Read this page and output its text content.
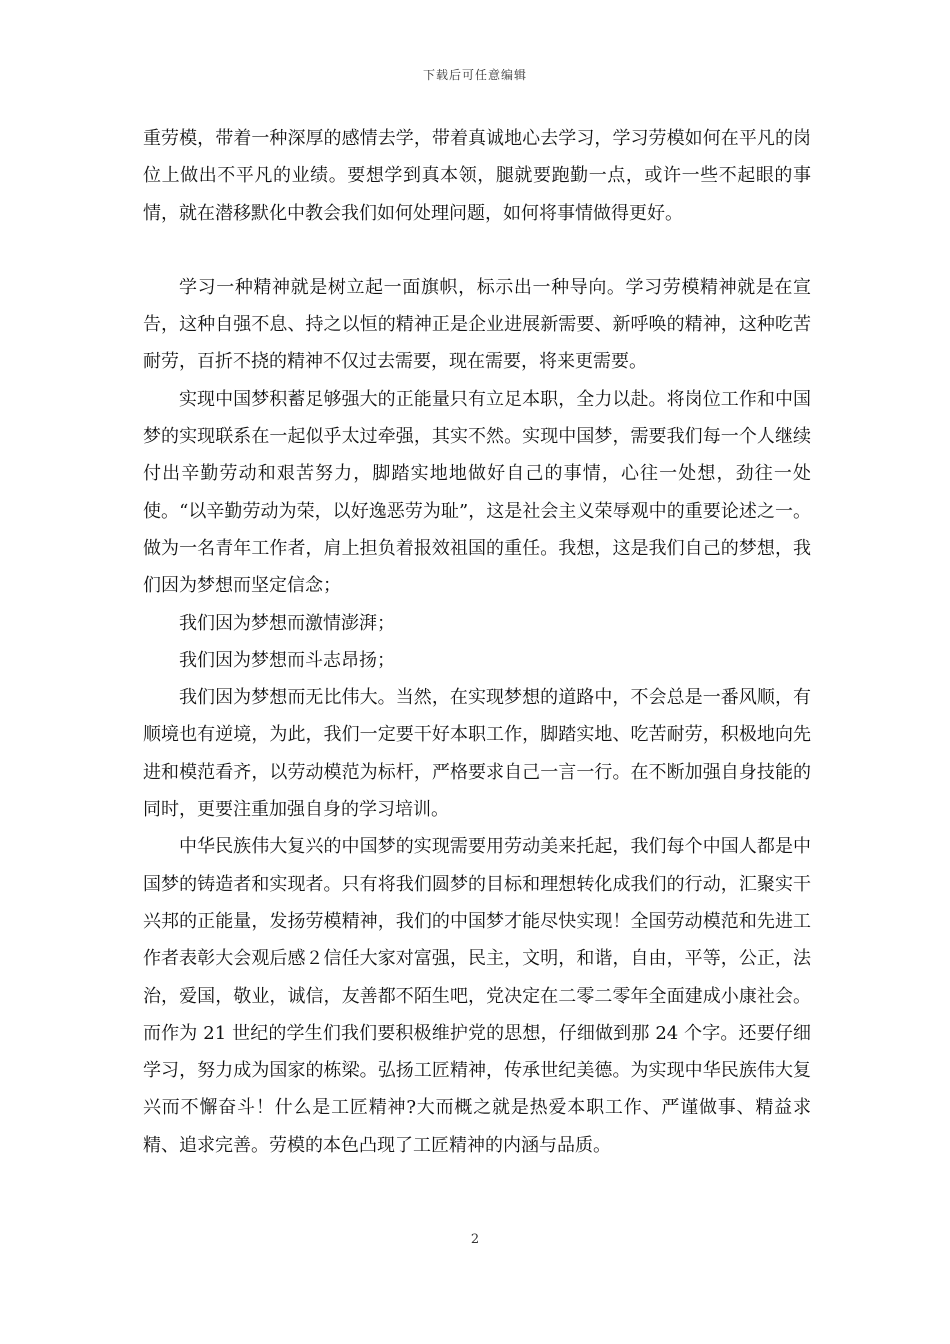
下载后可任意编辑

重劳模，带着一种深厚的感情去学，带着真诚地心去学习，学习劳模如何在平凡的岗位上做出不平凡的业绩。要想学到真本领，腿就要跑勤一点，或许一些不起眼的事情，就在潜移默化中教会我们如何处理问题，如何将事情做得更好。

学习一种精神就是树立起一面旗帜，标示出一种导向。学习劳模精神就是在宣告，这种自强不息、持之以恒的精神正是企业进展新需要、新呼唤的精神，这种吃苦耐劳，百折不挠的精神不仅过去需要，现在需要，将来更需要。

实现中国梦积蓄足够强大的正能量只有立足本职，全力以赴。将岗位工作和中国梦的实现联系在一起似乎太过牵强，其实不然。实现中国梦，需要我们每一个人继续付出辛勤劳动和艰苦努力，脚踏实地地做好自己的事情，心往一处想，劲往一处使。“以辛勤劳动为荣，以好逸恶劳为耻”，这是社会主义荣辱观中的重要论述之一。做为一名青年工作者，肩上担负着报效祖国的重任。我想，这是我们自己的梦想，我们因为梦想而坚定信念；

我们因为梦想而激情澎湃；

我们因为梦想而斗志昂扬；

我们因为梦想而无比伟大。当然，在实现梦想的道路中，不会总是一番风顺，有顺境也有逆境，为此，我们一定要干好本职工作，脚踏实地、吃苦耐劳，积极地向先进和模范看齐，以劳动模范为标杆，严格要求自己一言一行。在不断加强自身技能的同时，更要注重加强自身的学习培训。

中华民族伟大复兴的中国梦的实现需要用劳动美来托起，我们每个中国人都是中国梦的铸造者和实现者。只有将我们圆梦的目标和理想转化成我们的行动，汇聚实干兴邦的正能量，发扬劳模精神，我们的中国梦才能尽快实现！全国劳动模范和先进工作者表彰大会观后感２信任大家对富强，民主，文明，和谐，自由，平等，公正，法治，爱国，敬业，诚信，友善都不陌生吧，党决定在二零二零年全面建成小康社会。而作为 21 世纪的学生们我们要积极维护党的思想，仔细做到那 24 个字。还要仔细学习，努力成为国家的栋梁。弘扬工匠精神，传承世纪美德。为实现中华民族伟大复兴而不懈奋斗！什么是工匠精神?大而概之就是热爱本职工作、严谨做事、精益求精、追求完善。劳模的本色凸现了工匠精神的内涵与品质。

2
